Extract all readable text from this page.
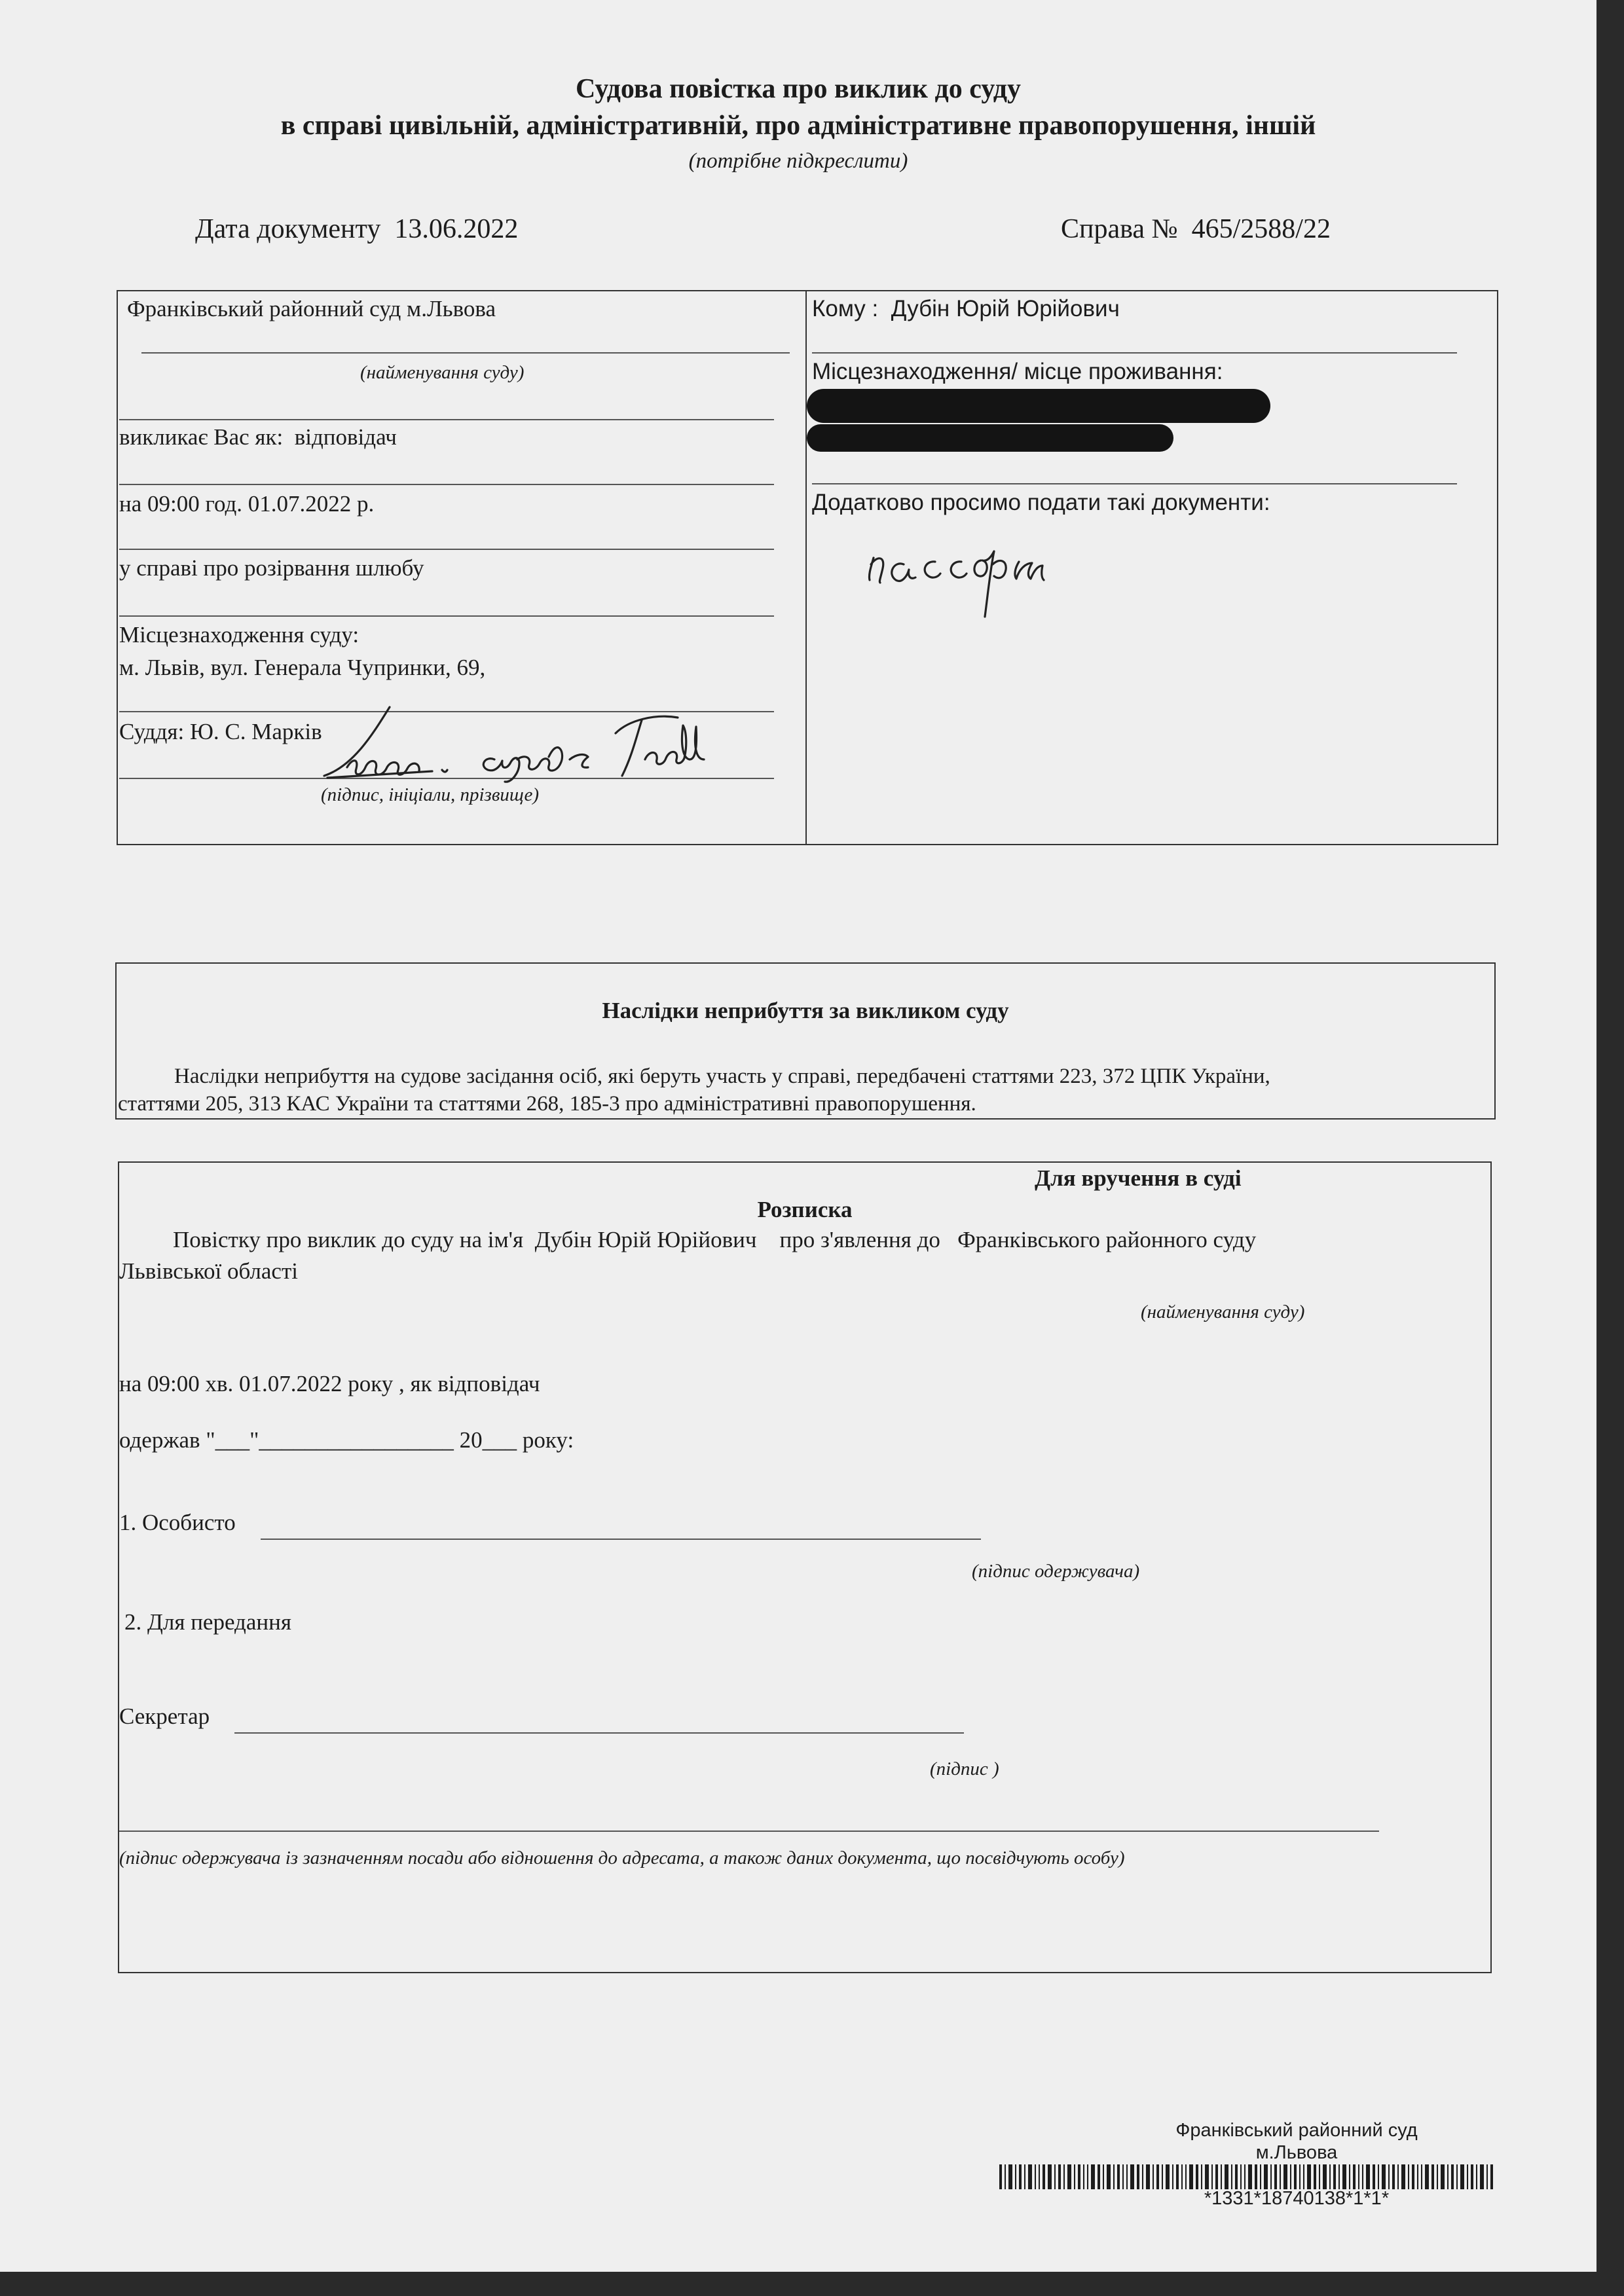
Судова повістка про виклик до суду
в справі цивільній, адміністративній, про адміністративне правопорушення, іншій
(потрібне підкреслити)
Дата документу 13.06.2022	Справа № 465/2588/22
Франківський районний суд м.Львова
(найменування суду)
викликає Вас як: відповідач
на 09:00 год. 01.07.2022 р.
у справі про розірвання шлюбу
Місцезнаходження суду:
м. Львів, вул. Генерала Чупринки, 69,
Суддя: Ю. С. Марків
(підпис, ініціали, прізвище)
Кому : Дубін Юрій Юрійович
Місцезнаходження/ місце проживання:
Додатково просимо подати такі документи:
Наслідки неприбуття за викликом суду
Наслідки неприбуття на судове засідання осіб, які беруть участь у справі, передбачені статтями 223, 372 ЦПК України,
статтями 205, 313 КАС України та статтями 268, 185-3 про адміністративні правопорушення.
Для вручення в суді
Розписка
Повістку про виклик до суду на ім'я Дубін Юрій Юрійович про з'явлення до Франківського районного суду
Львівської області
(найменування суду)
на 09:00 хв. 01.07.2022 року , як відповідач
одержав "___"_________________ 20___ року:
1. Особисто
(підпис одержувача)
2. Для передання
Секретар
(підпис )
(підпис одержувача із зазначенням посади або відношення до адресата, а також даних документа, що посвідчують особу)
Франківський районний суд
м.Львова
*1331*18740138*1*1*
